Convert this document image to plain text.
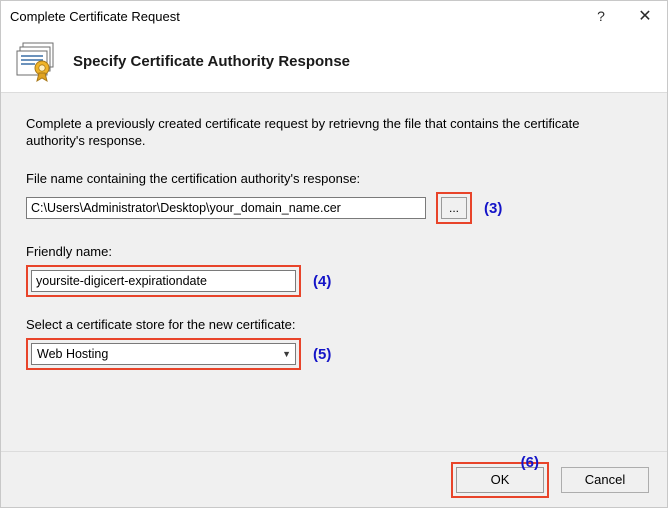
Complete Certificate Request	?	✕
Specify Certificate Authority Response
Complete a previously created certificate request by retrievng the file that contains the certificate authority's response.
File name containing the certification authority's response:
C:\Users\Administrator\Desktop\your_domain_name.cer	...	(3)
Friendly name:
yoursite-digicert-expirationdate	(4)
Select a certificate store for the new certificate:
Web Hosting	▼ (5)
(6)
OK	Cancel
